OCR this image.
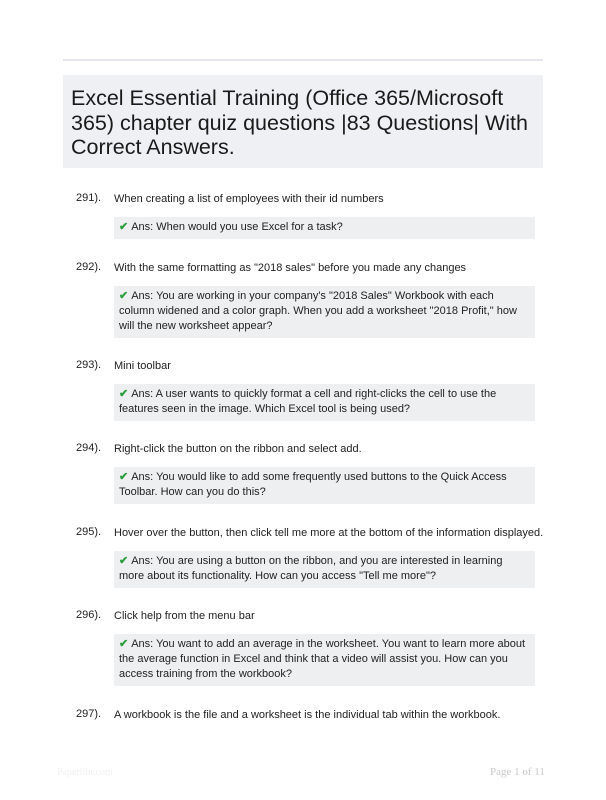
Excel Essential Training (Office 365/Microsoft 365) chapter quiz questions |83 Questions| With Correct Answers.
291). When creating a list of employees with their id numbers
✔ Ans: When would you use Excel for a task?
292). With the same formatting as "2018 sales" before you made any changes
✔ Ans: You are working in your company's "2018 Sales" Workbook with each column widened and a color graph. When you add a worksheet "2018 Profit," how will the new worksheet appear?
293). Mini toolbar
✔ Ans: A user wants to quickly format a cell and right-clicks the cell to use the features seen in the image. Which Excel tool is being used?
294). Right-click the button on the ribbon and select add.
✔ Ans: You would like to add some frequently used buttons to the Quick Access Toolbar. How can you do this?
295). Hover over the button, then click tell me more at the bottom of the information displayed.
✔ Ans: You are using a button on the ribbon, and you are interested in learning more about its functionality. How can you access "Tell me more"?
296). Click help from the menu bar
✔ Ans: You want to add an average in the worksheet. You want to learn more about the average function in Excel and think that a video will assist you. How can you access training from the workbook?
297). A workbook is the file and a worksheet is the individual tab within the workbook.
Paperlibr.com	Page 1 of 11
